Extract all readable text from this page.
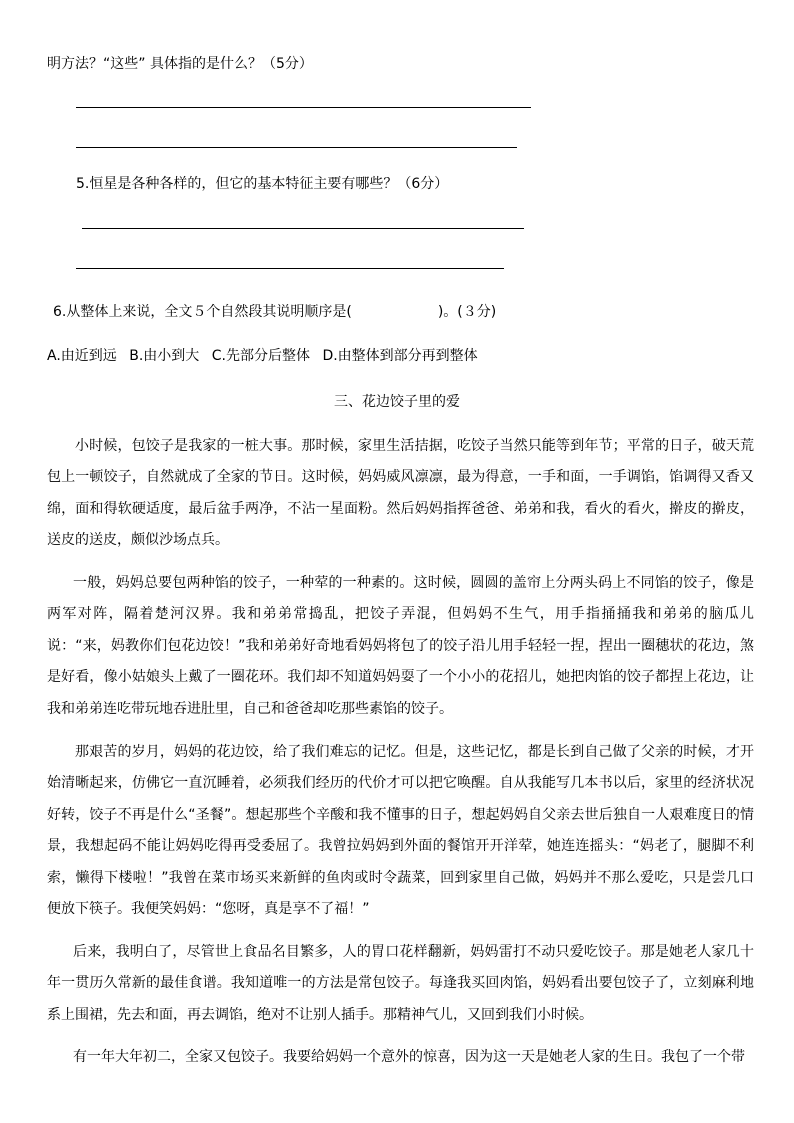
明方法？“这些” 具体指的是什么？（5分）
5.恒星是各种各样的，但它的基本特征主要有哪些？（6分）
6.从整体上来说，全文５个自然段其说明顺序是(	)。(３分)
A.由近到远 B.由小到大 C.先部分后整体 D.由整体到部分再到整体
三、花边饺子里的爱
小时候，包饺子是我家的一桩大事。那时候，家里生活拮据，吃饺子当然只能等到年节；平常的日子，破天荒包上一顿饺子，自然就成了全家的节日。这时候，妈妈威风凛凛，最为得意，一手和面，一手调馅，馅调得又香又绵，面和得软硬适度，最后盆手两净，不沾一星面粉。然后妈妈指挥爸爸、弟弟和我，看火的看火，擀皮的擀皮，送皮的送皮，颇似沙场点兵。
一般，妈妈总要包两种馅的饺子，一种荤的一种素的。这时候，圆圆的盖帘上分两头码上不同馅的饺子，像是两军对阵，隔着楚河汉界。我和弟弟常捣乱，把饺子弄混，但妈妈不生气，用手指捅捅我和弟弟的脑瓜儿说：“来，妈教你们包花边饺！”我和弟弟好奇地看妈妈将包了的饺子沿儿用手轻轻一捏，捏出一圈穗状的花边，煞是好看，像小姑娘头上戴了一圈花环。我们却不知道妈妈耍了一个小小的花招儿，她把肉馅的饺子都捏上花边，让我和弟弟连吃带玩地吞进肚里，自己和爸爸却吃那些素馅的饺子。
那艰苦的岁月，妈妈的花边饺，给了我们难忘的记忆。但是，这些记忆，都是长到自己做了父亲的时候，才开始清晰起来，仿佛它一直沉睡着，必须我们经历的代价才可以把它唤醒。自从我能写几本书以后，家里的经济状况好转，饺子不再是什么“圣餐”。想起那些个辛酸和我不懂事的日子，想起妈妈自父亲去世后独自一人艰难度日的情景，我想起码不能让妈妈吃得再受委屈了。我曾拉妈妈到外面的餐馆开开洋荤，她连连摇头：“妈老了，腿脚不利索，懒得下楼啦！”我曾在菜市场买来新鲜的鱼肉或时令蔬菜，回到家里自己做，妈妈并不那么爱吃，只是尝几口便放下筷子。我便笑妈妈：“您呀，真是享不了福！”
后来，我明白了，尽管世上食品名目繁多，人的胃口花样翻新，妈妈雷打不动只爱吃饺子。那是她老人家几十年一贯历久常新的最佳食谱。我知道唯一的方法是常包饺子。每逢我买回肉馅，妈妈看出要包饺子了，立刻麻利地系上围裙，先去和面，再去调馅，绝对不让别人插手。那精神气儿，又回到我们小时候。
有一年大年初二，全家又包饺子。我要给妈妈一个意外的惊喜，因为这一天是她老人家的生日。我包了一个带
